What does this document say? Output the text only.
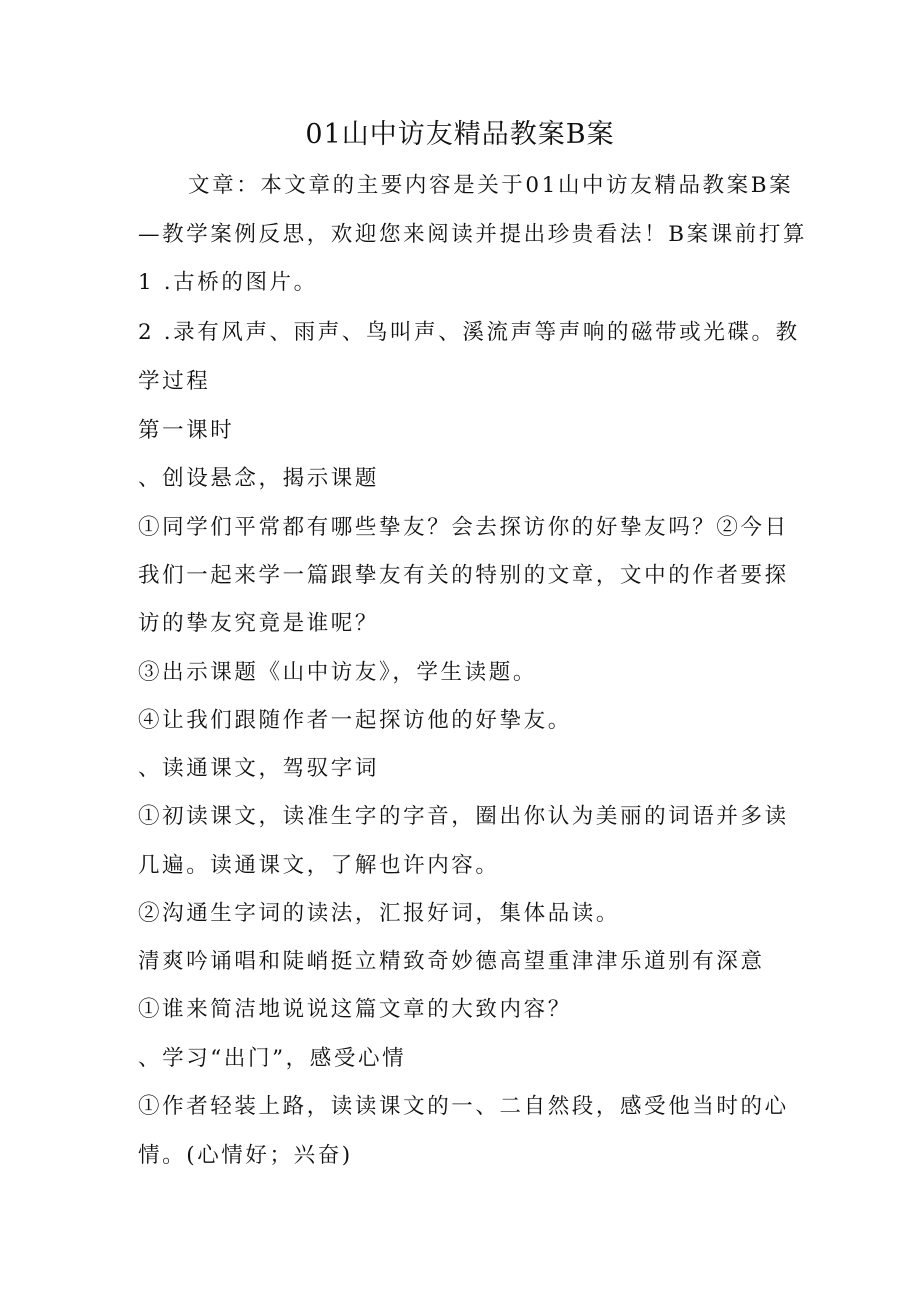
01山中访友精品教案B案
文章：本文章的主要内容是关于01山中访友精品教案B案
—教学案例反思，欢迎您来阅读并提出珍贵看法！B案课前打算
1 .古桥的图片。
2 .录有风声、雨声、鸟叫声、溪流声等声响的磁带或光碟。教
学过程
第一课时
、创设悬念，揭示课题
①同学们平常都有哪些挚友？会去探访你的好挚友吗？②今日
我们一起来学一篇跟挚友有关的特别的文章，文中的作者要探
访的挚友究竟是谁呢？
③出示课题《山中访友》，学生读题。
④让我们跟随作者一起探访他的好挚友。
、读通课文，驾驭字词
①初读课文，读准生字的字音，圈出你认为美丽的词语并多读
几遍。读通课文，了解也许内容。
②沟通生字词的读法，汇报好词，集体品读。
清爽吟诵唱和陡峭挺立精致奇妙德高望重津津乐道别有深意
①谁来简洁地说说这篇文章的大致内容？
、学习“出门”，感受心情
①作者轻装上路，读读课文的一、二自然段，感受他当时的心
情。(心情好；兴奋)
